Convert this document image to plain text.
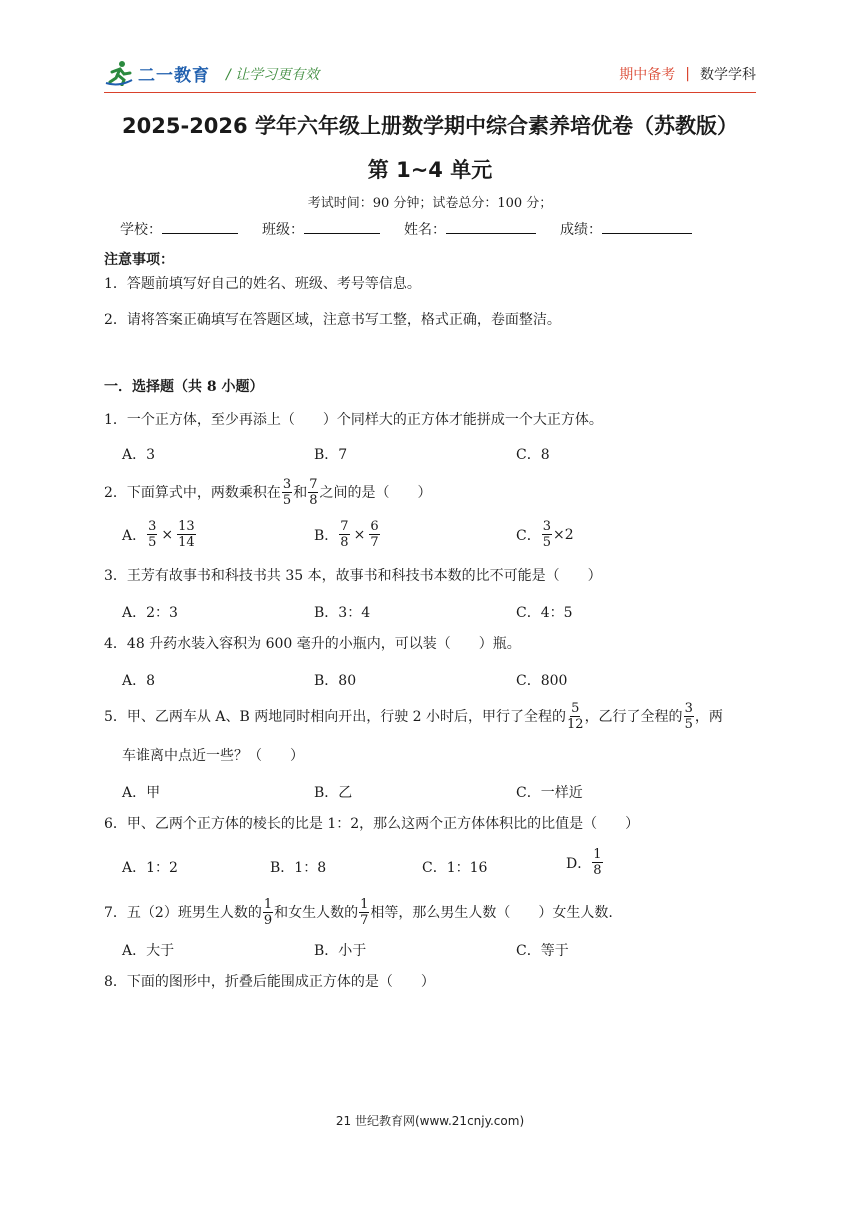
二一教育 / 让学习更有效	期中备考 | 数学学科
2025-2026 学年六年级上册数学期中综合素养培优卷（苏教版）
第 1~4 单元
考试时间：90 分钟；试卷总分：100 分；
学校：	班级：	姓名：	成绩：
注意事项：
1．答题前填写好自己的姓名、班级、考号等信息。
2．请将答案正确填写在答题区域，注意书写工整，格式正确，卷面整洁。
一．选择题（共 8 小题）
1．一个正方体，至少再添上（　　）个同样大的正方体才能拼成一个大正方体。
A．3	B．7	C．8
2．下面算式中，两数乘积在 $\frac{3}{5}$ 和 $\frac{7}{8}$ 之间的是（　　）
A． $\frac{3}{5} \times \frac{13}{14}$	B． $\frac{7}{8} \times \frac{6}{7}$	C． $\frac{3}{5} \times 2$
3．王芳有故事书和科技书共 35 本，故事书和科技书本数的比不可能是（　　）
A．2：3	B．3：4	C．4：5
4．48 升药水装入容积为 600 毫升的小瓶内，可以装（　　）瓶。
A．8	B．80	C．800
5．甲、乙两车从 A、B 两地同时相向开出，行驶 2 小时后，甲行了全程的 $\frac{5}{12}$ ，乙行了全程的 $\frac{3}{5}$ ，两
车谁离中点近一些？（　　）
A．甲	B．乙	C．一样近
6．甲、乙两个正方体的棱长的比是 1：2，那么这两个正方体体积比的比值是（　　）
A．1：2	B．1：8	C．1：16	D． $\frac{1}{8}$
7．五（2）班男生人数的 $\frac{1}{9}$ 和女生人数的 $\frac{1}{7}$ 相等，那么男生人数（　　）女生人数.
A．大于	B．小于	C．等于
8．下面的图形中，折叠后能围成正方体的是（　　）
21 世纪教育网(www.21cnjy.com)
